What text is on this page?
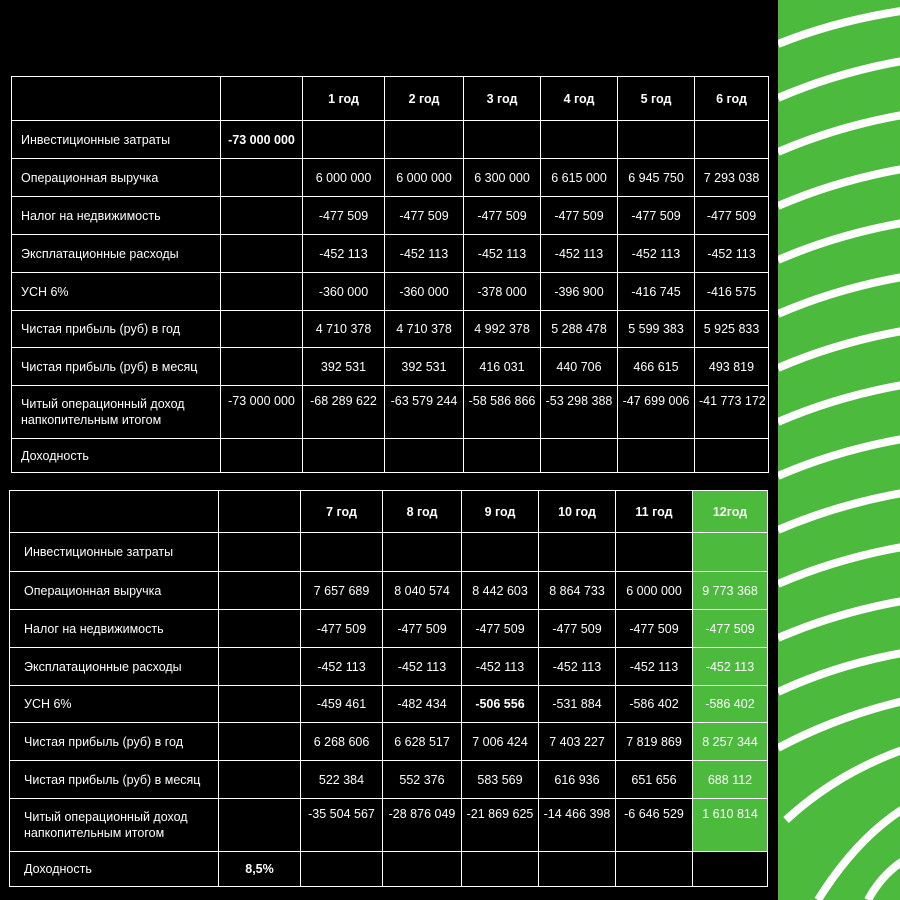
		1 год	2 год	3 год	4 год	5 год	6 год
Инвестиционные затраты	-73 000 000						
Операционная выручка		6 000 000	6 000 000	6 300 000	6 615 000	6 945 750	7 293 038
Налог на недвижимость		-477 509	-477 509	-477 509	-477 509	-477 509	-477 509
Эксплатационные расходы		-452 113	-452 113	-452 113	-452 113	-452 113	-452 113
УСН 6%		-360 000	-360 000	-378 000	-396 900	-416 745	-416 575
Чистая прибыль (руб) в год		4 710 378	4 710 378	4 992 378	5 288 478	5 599 383	5 925 833
Чистая прибыль (руб) в месяц		392 531	392 531	416 031	440 706	466 615	493 819
Читый операционный доход напкопительным итогом	-73 000 000	-68 289 622	-63 579 244	-58 586 866	-53 298 388	-47 699 006	-41 773 172
Доходность							
		7 год	8 год	9 год	10 год	11 год	12год
Инвестиционные затраты							
Операционная выручка		7 657 689	8 040 574	8 442 603	8 864 733	6 000 000	9 773 368
Налог на недвижимость		-477 509	-477 509	-477 509	-477 509	-477 509	-477 509
Эксплатационные расходы		-452 113	-452 113	-452 113	-452 113	-452 113	-452 113
УСН 6%		-459 461	-482 434	-506 556	-531 884	-586 402	-586 402
Чистая прибыль (руб) в год		6 268 606	6 628 517	7 006 424	7 403 227	7 819 869	8 257 344
Чистая прибыль (руб) в месяц		522 384	552 376	583 569	616 936	651 656	688 112
Читый операционный доход напкопительным итогом		-35 504 567	-28 876 049	-21 869 625	-14 466 398	-6 646 529	1 610 814
Доходность	8,5%						
